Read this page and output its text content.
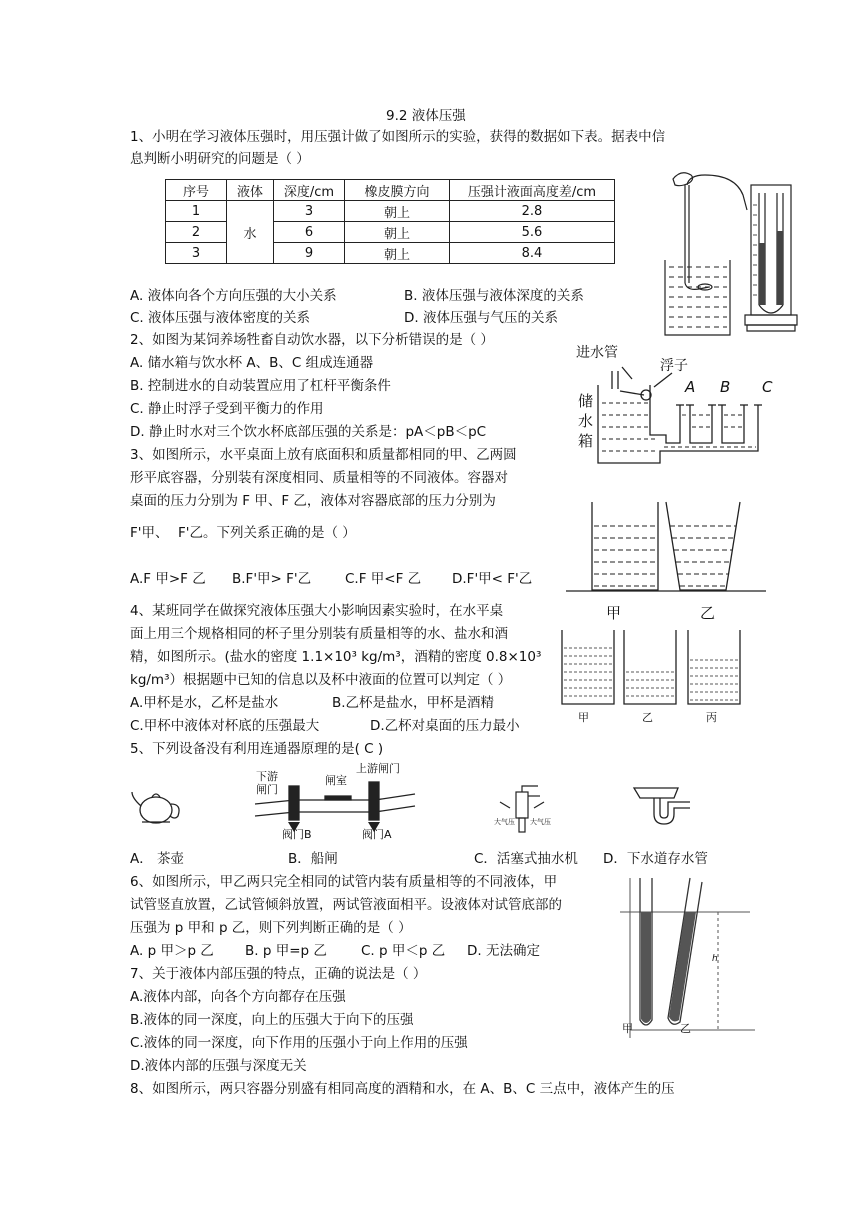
9.2 液体压强
1、小明在学习液体压强时，用压强计做了如图所示的实验，获得的数据如下表。据表中信
息判断小明研究的问题是（ ）
序号	液体	深度/cm	橡皮膜方向	压强计液面高度差/cm
1	水	3	朝上	2.8
2		6	朝上	5.6
3		9	朝上	8.4
A. 液体向各个方向压强的大小关系	B. 液体压强与液体深度的关系
C. 液体压强与液体密度的关系	D. 液体压强与气压的关系
2、如图为某饲养场牲畜自动饮水器，以下分析错误的是（ ）
A. 储水箱与饮水杯 A、B、C 组成连通器
B. 控制进水的自动装置应用了杠杆平衡条件
C. 静止时浮子受到平衡力的作用
D. 静止时水对三个饮水杯底部压强的关系是：pA＜pB＜pC
进水管
浮子
储
水
箱
A B C
3、如图所示，水平桌面上放有底面积和质量都相同的甲、乙两圆
形平底容器，分别装有深度相同、质量相等的不同液体。容器对
桌面的压力分别为 F 甲、F 乙，液体对容器底部的压力分别为
F'甲、 F'乙。下列关系正确的是（ ）
A.F 甲>F 乙 B.F'甲> F'乙	C.F 甲<F 乙 D.F'甲< F'乙
甲	乙
4、某班同学在做探究液体压强大小影响因素实验时，在水平桌
面上用三个规格相同的杯子里分别装有质量相等的水、盐水和酒
精，如图所示。(盐水的密度 1.1×10³ kg/m³，酒精的密度 0.8×10³
kg/m³）根据题中已知的信息以及杯中液面的位置可以判定（ ）
A.甲杯是水，乙杯是盐水	B.乙杯是盐水，甲杯是酒精
C.甲杯中液体对杯底的压强最大	D.乙杯对桌面的压力最小
甲	乙	丙
5、下列设备没有利用连通器原理的是( C )
下游
闸门
闸室
上游闸门
阀门B	阀门A
大气压 大气压
A． 茶壶	B．船闸	C．活塞式抽水机 D．下水道存水管
6、如图所示，甲乙两只完全相同的试管内装有质量相等的不同液体，甲
试管竖直放置，乙试管倾斜放置，两试管液面相平。设液体对试管底部的
压强为 p 甲和 p 乙，则下列判断正确的是（ ）
A. p 甲＞p 乙 B. p 甲=p 乙	C. p 甲＜p 乙 D. 无法确定
甲	乙
h
7、关于液体内部压强的特点，正确的说法是（ ）
A.液体内部，向各个方向都存在压强
B.液体的同一深度，向上的压强大于向下的压强
C.液体的同一深度，向下作用的压强小于向上作用的压强
D.液体内部的压强与深度无关
8、如图所示，两只容器分别盛有相同高度的酒精和水，在 A、B、C 三点中，液体产生的压
